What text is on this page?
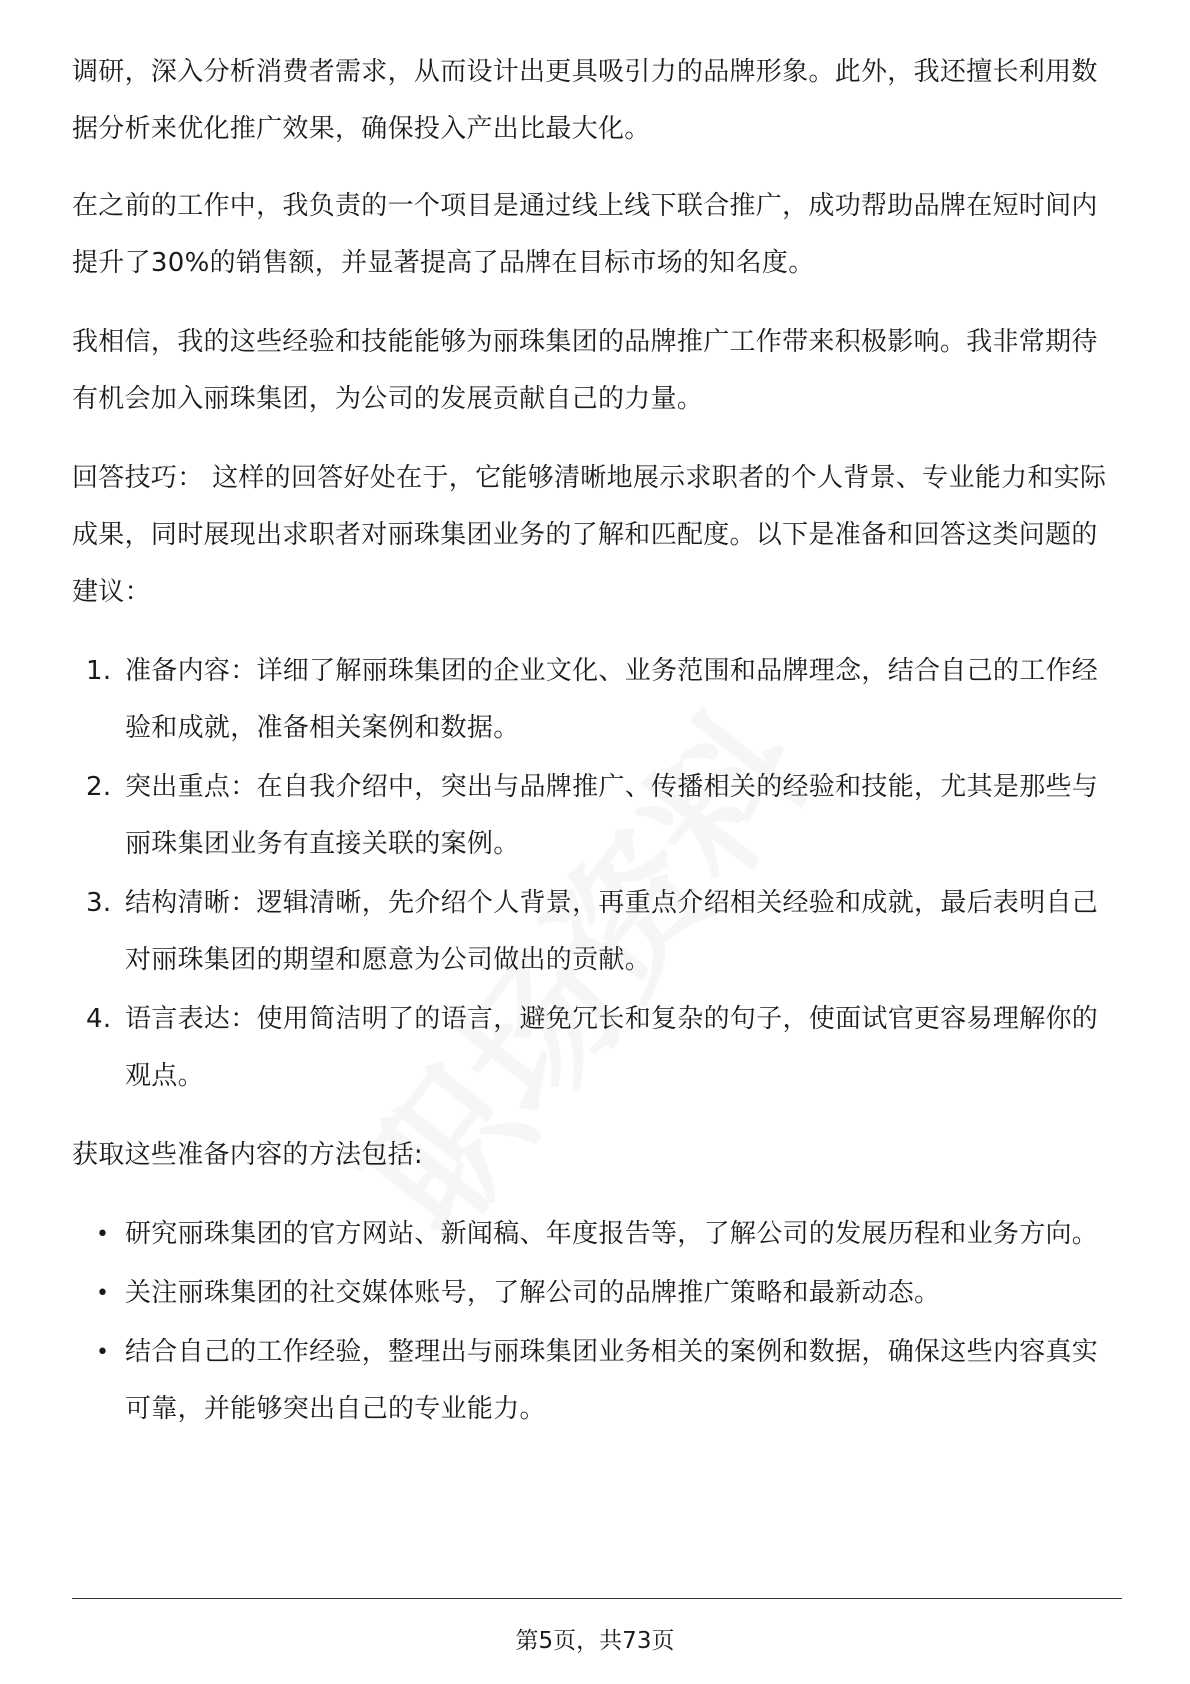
调研，深入分析消费者需求，从而设计出更具吸引力的品牌形象。此外，我还擅长利用数据分析来优化推广效果，确保投入产出比最大化。

在之前的工作中，我负责的一个项目是通过线上线下联合推广，成功帮助品牌在短时间内提升了30%的销售额，并显著提高了品牌在目标市场的知名度。

我相信，我的这些经验和技能能够为丽珠集团的品牌推广工作带来积极影响。我非常期待有机会加入丽珠集团，为公司的发展贡献自己的力量。

回答技巧： 这样的回答好处在于，它能够清晰地展示求职者的个人背景、专业能力和实际成果，同时展现出求职者对丽珠集团业务的了解和匹配度。以下是准备和回答这类问题的建议：

1. 准备内容：详细了解丽珠集团的企业文化、业务范围和品牌理念，结合自己的工作经验和成就，准备相关案例和数据。
2. 突出重点：在自我介绍中，突出与品牌推广、传播相关的经验和技能，尤其是那些与丽珠集团业务有直接关联的案例。
3. 结构清晰：逻辑清晰，先介绍个人背景，再重点介绍相关经验和成就，最后表明自己对丽珠集团的期望和愿意为公司做出的贡献。
4. 语言表达：使用简洁明了的语言，避免冗长和复杂的句子，使面试官更容易理解你的观点。

获取这些准备内容的方法包括:

• 研究丽珠集团的官方网站、新闻稿、年度报告等，了解公司的发展历程和业务方向。
• 关注丽珠集团的社交媒体账号，了解公司的品牌推广策略和最新动态。
• 结合自己的工作经验，整理出与丽珠集团业务相关的案例和数据，确保这些内容真实可靠，并能够突出自己的专业能力。
第5页，共73页
